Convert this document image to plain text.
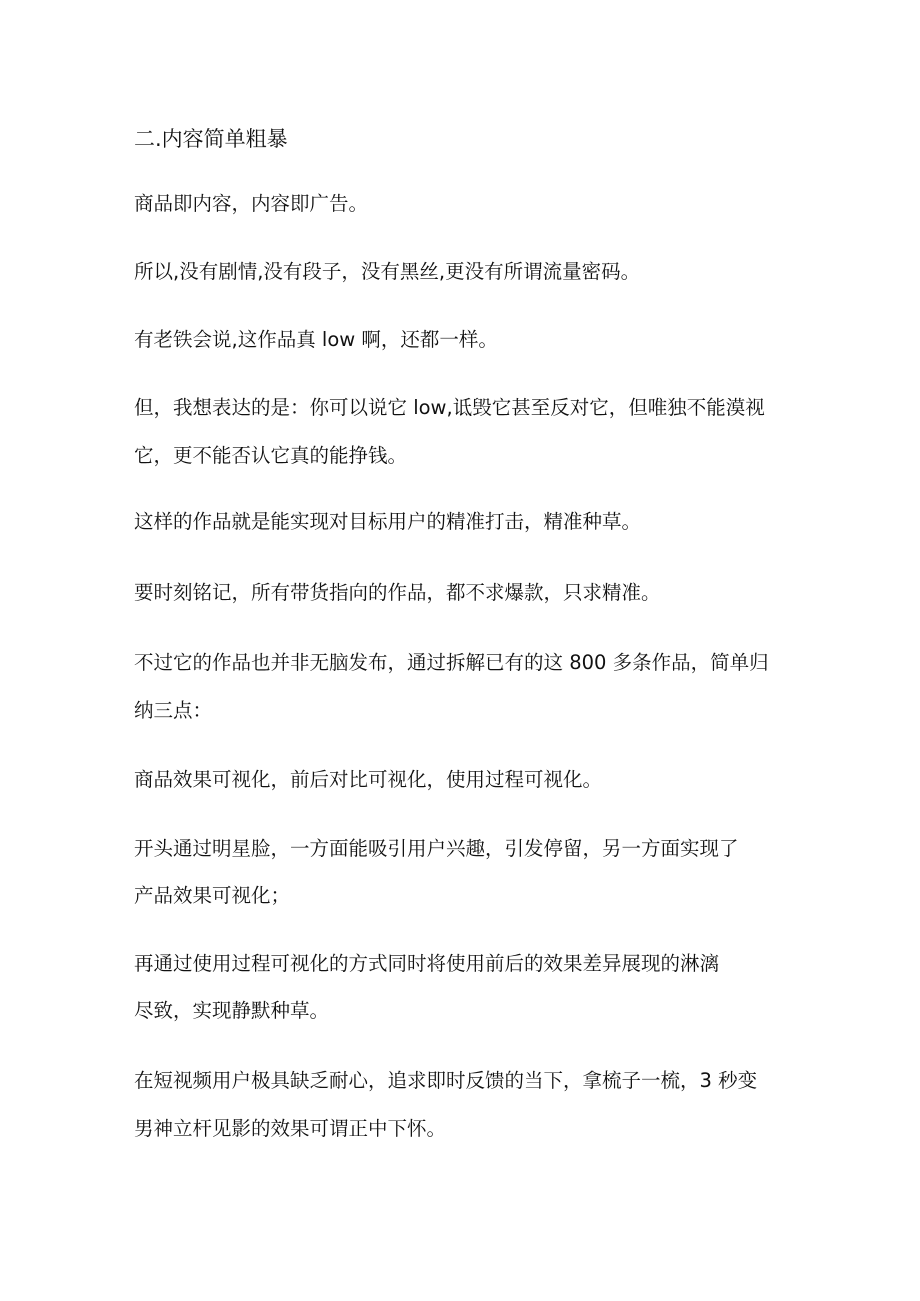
二.内容简单粗暴

商品即内容，内容即广告。

所以,没有剧情,没有段子，没有黑丝,更没有所谓流量密码。

有老铁会说,这作品真 low 啊，还都一样。

但，我想表达的是：你可以说它 low,诋毁它甚至反对它，但唯独不能漠视

它，更不能否认它真的能挣钱。

这样的作品就是能实现对目标用户的精准打击，精准种草。

要时刻铭记，所有带货指向的作品，都不求爆款，只求精准。

不过它的作品也并非无脑发布，通过拆解已有的这 800 多条作品，简单归

纳三点：

商品效果可视化，前后对比可视化，使用过程可视化。

开头通过明星脸，一方面能吸引用户兴趣，引发停留，另一方面实现了

产品效果可视化；

再通过使用过程可视化的方式同时将使用前后的效果差异展现的淋漓

尽致，实现静默种草。

在短视频用户极具缺乏耐心，追求即时反馈的当下，拿梳子一梳，3 秒变

男神立杆见影的效果可谓正中下怀。
